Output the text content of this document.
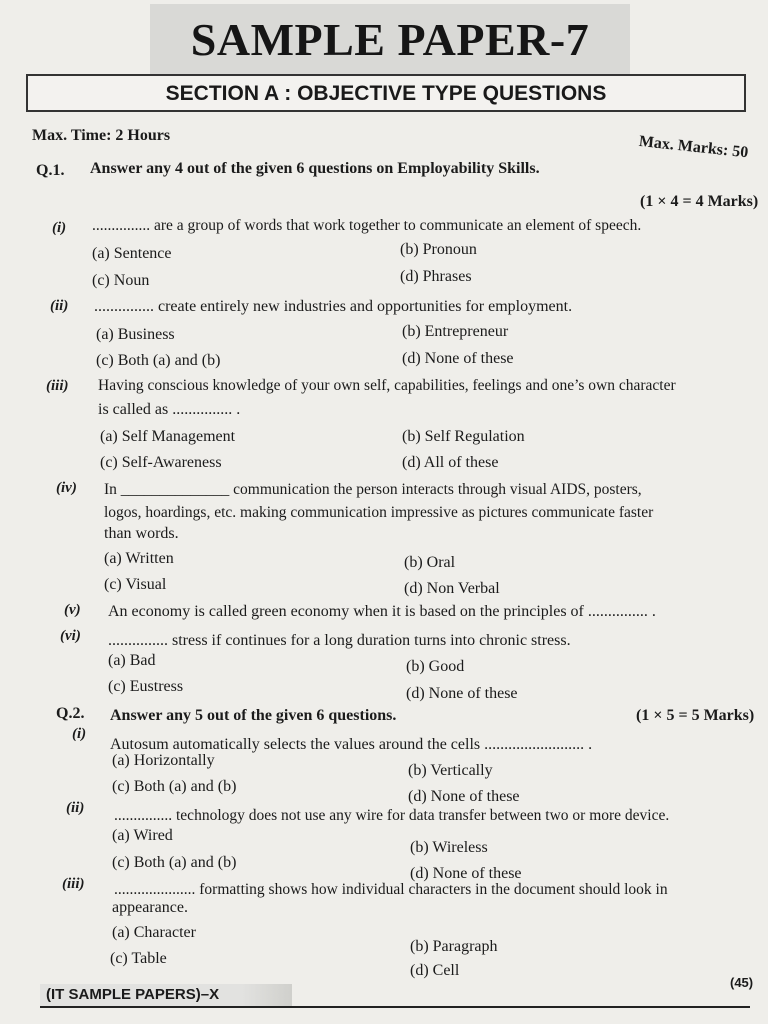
SAMPLE PAPER-7
SECTION A : OBJECTIVE TYPE QUESTIONS
Max. Time: 2 Hours	Max. Marks: 50
Q.1. Answer any 4 out of the given 6 questions on Employability Skills.
(1 × 4 = 4 Marks)
(i) ............... are a group of words that work together to communicate an element of speech.
(a) Sentence	(b) Pronoun
(c) Noun	(d) Phrases
(ii) ............... create entirely new industries and opportunities for employment.
(a) Business	(b) Entrepreneur
(c) Both (a) and (b)	(d) None of these
(iii) Having conscious knowledge of your own self, capabilities, feelings and one’s own character
is called as ............... .
(a) Self Management	(b) Self Regulation
(c) Self-Awareness	(d) All of these
(iv) In ______________ communication the person interacts through visual AIDS, posters,
logos, hoardings, etc. making communication impressive as pictures communicate faster
than words.
(a) Written	(b) Oral
(c) Visual	(d) Non Verbal
(v) An economy is called green economy when it is based on the principles of ............... .
(vi) ............... stress if continues for a long duration turns into chronic stress.
(a) Bad	(b) Good
(c) Eustress	(d) None of these
Q.2. Answer any 5 out of the given 6 questions.	(1 × 5 = 5 Marks)
(i)
Autosum automatically selects the values around the cells ......................... .
(a) Horizontally
(b) Vertically
(c) Both (a) and (b)
(d) None of these
(ii) ............... technology does not use any wire for data transfer between two or more device.
(a) Wired
(b) Wireless
(c) Both (a) and (b)
(d) None of these
(iii) ..................... formatting shows how individual characters in the document should look in
appearance.
(a) Character
(b) Paragraph
(c) Table
(d) Cell
(IT SAMPLE PAPERS)–X
(45)
